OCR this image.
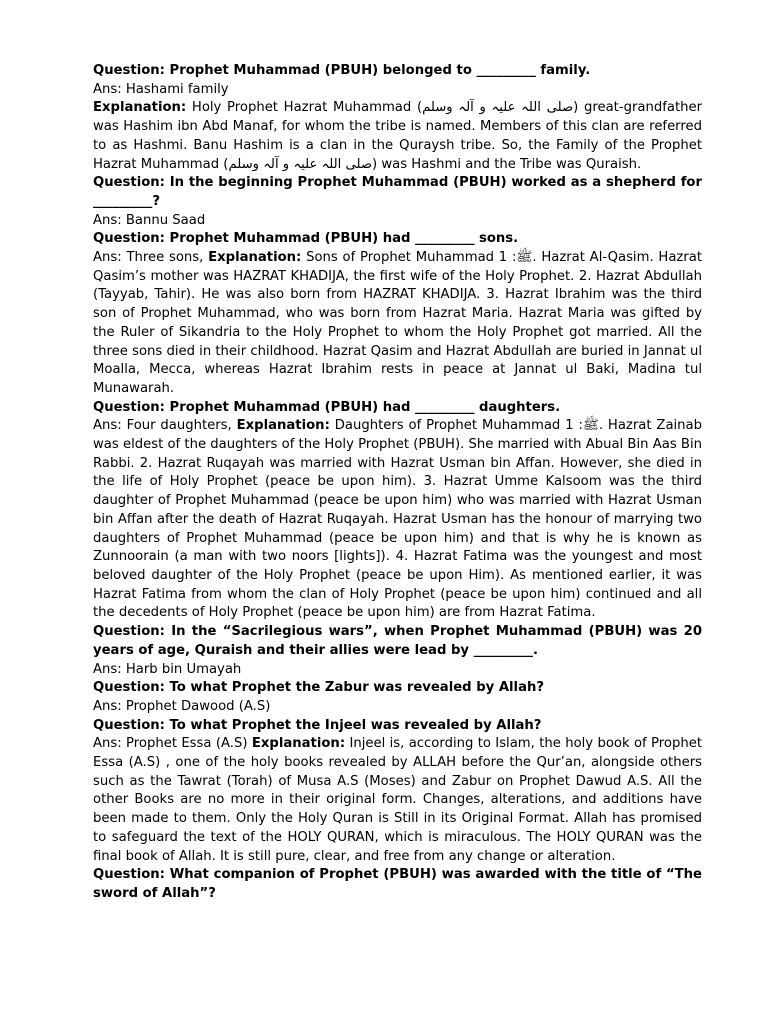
Question: Prophet Muhammad (PBUH) belonged to _________ family.

Ans: Hashami family

Explanation: Holy Prophet Hazrat Muhammad (صلی اللہ علیہ و آلہ وسلم) great-grandfather was Hashim ibn Abd Manaf, for whom the tribe is named. Members of this clan are referred to as Hashmi. Banu Hashim is a clan in the Quraysh tribe. So, the Family of the Prophet Hazrat Muhammad (صلی اللہ علیہ و آلہ وسلم) was Hashmi and the Tribe was Quraish.

Question: In the beginning Prophet Muhammad (PBUH) worked as a shepherd for _________?

Ans: Bannu Saad

Question: Prophet Muhammad (PBUH) had _________ sons.

Ans: Three sons, Explanation: Sons of Prophet Muhammad 1 :ﷺ. Hazrat Al-Qasim. Hazrat Qasim’s mother was HAZRAT KHADIJA, the first wife of the Holy Prophet. 2. Hazrat Abdullah (Tayyab, Tahir). He was also born from HAZRAT KHADIJA. 3. Hazrat Ibrahim was the third son of Prophet Muhammad, who was born from Hazrat Maria. Hazrat Maria was gifted by the Ruler of Sikandria to the Holy Prophet to whom the Holy Prophet got married. All the three sons died in their childhood. Hazrat Qasim and Hazrat Abdullah are buried in Jannat ul Moalla, Mecca, whereas Hazrat Ibrahim rests in peace at Jannat ul Baki, Madina tul Munawarah.

Question: Prophet Muhammad (PBUH) had _________ daughters.

Ans: Four daughters, Explanation: Daughters of Prophet Muhammad 1 :ﷺ. Hazrat Zainab was eldest of the daughters of the Holy Prophet (PBUH). She married with Abual Bin Aas Bin Rabbi. 2. Hazrat Ruqayah was married with Hazrat Usman bin Affan. However, she died in the life of Holy Prophet (peace be upon him). 3. Hazrat Umme Kalsoom was the third daughter of Prophet Muhammad (peace be upon him) who was married with Hazrat Usman bin Affan after the death of Hazrat Ruqayah. Hazrat Usman has the honour of marrying two daughters of Prophet Muhammad (peace be upon him) and that is why he is known as Zunnoorain (a man with two noors [lights]). 4. Hazrat Fatima was the youngest and most beloved daughter of the Holy Prophet (peace be upon Him). As mentioned earlier, it was Hazrat Fatima from whom the clan of Holy Prophet (peace be upon him) continued and all the decedents of Holy Prophet (peace be upon him) are from Hazrat Fatima.

Question: In the “Sacrilegious wars”, when Prophet Muhammad (PBUH) was 20 years of age, Quraish and their allies were lead by _________.

Ans: Harb bin Umayah

Question: To what Prophet the Zabur was revealed by Allah?

Ans: Prophet Dawood (A.S)

Question: To what Prophet the Injeel was revealed by Allah?

Ans: Prophet Essa (A.S) Explanation: Injeel is, according to Islam, the holy book of Prophet Essa (A.S) , one of the holy books revealed by ALLAH before the Qur’an, alongside others such as the Tawrat (Torah) of Musa A.S (Moses) and Zabur on Prophet Dawud A.S. All the other Books are no more in their original form. Changes, alterations, and additions have been made to them. Only the Holy Quran is Still in its Original Format. Allah has promised to safeguard the text of the HOLY QURAN, which is miraculous. The HOLY QURAN was the final book of Allah. It is still pure, clear, and free from any change or alteration.

Question: What companion of Prophet (PBUH) was awarded with the title of “The sword of Allah”?
